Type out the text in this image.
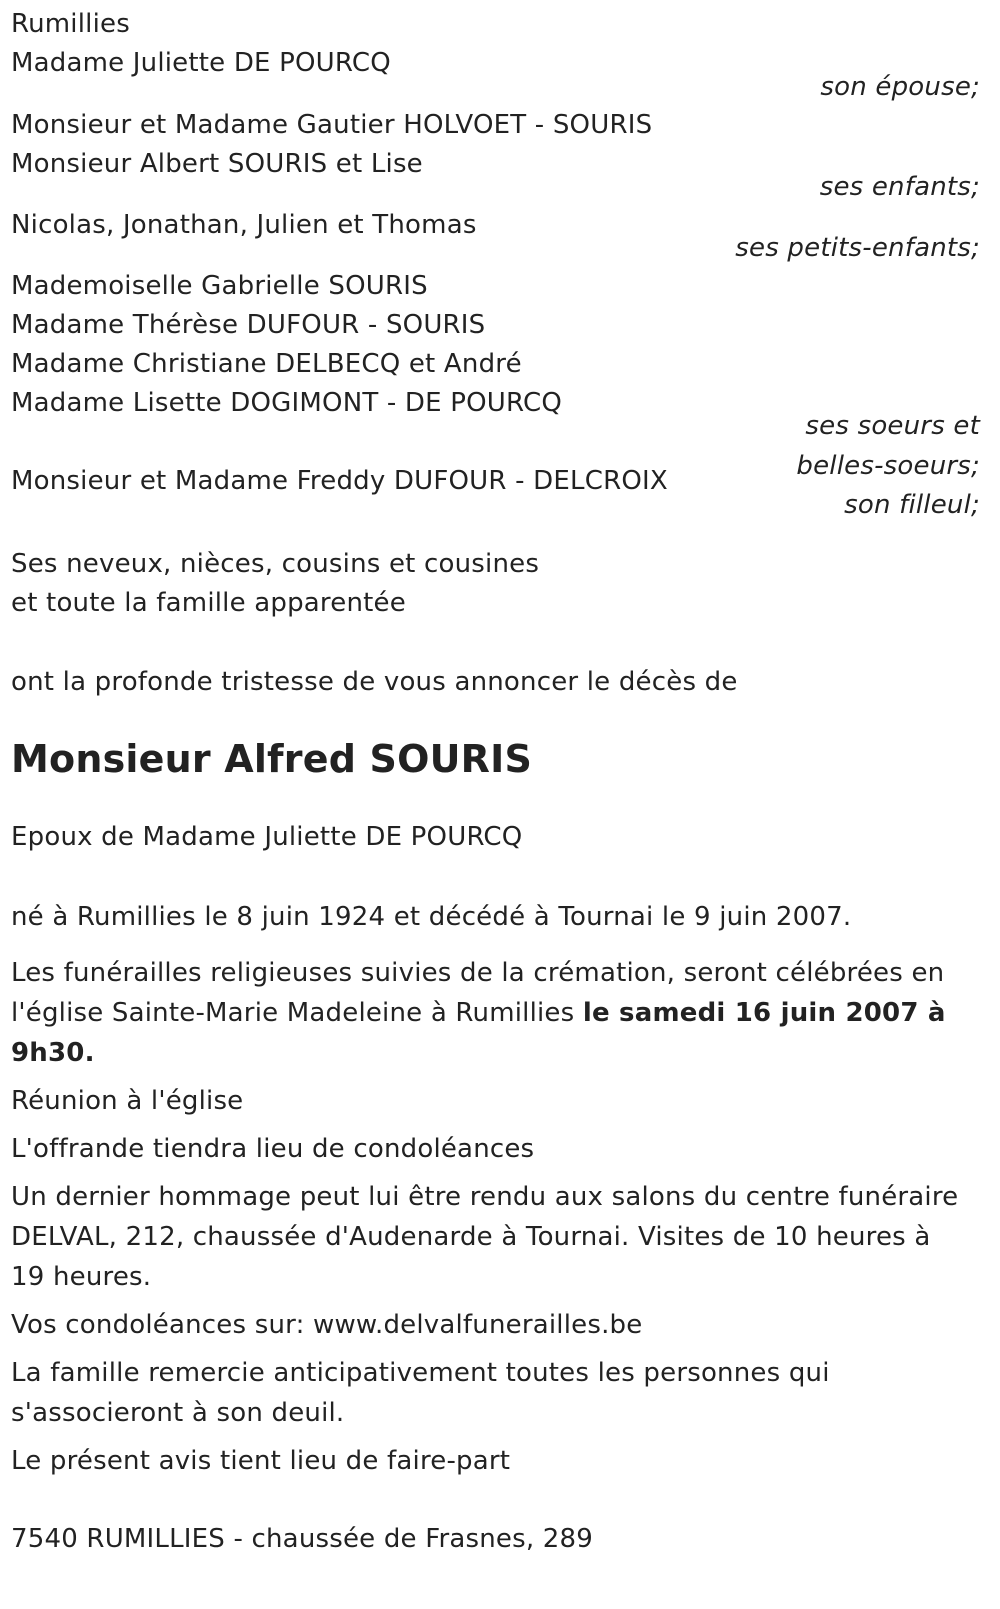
Rumillies
Madame Juliette DE POURCQ
son épouse;
Monsieur et Madame Gautier HOLVOET - SOURIS
Monsieur Albert SOURIS et Lise
ses enfants;
Nicolas, Jonathan, Julien et Thomas
ses petits-enfants;
Mademoiselle Gabrielle SOURIS
Madame Thérèse DUFOUR - SOURIS
Madame Christiane DELBECQ et André
Madame Lisette DOGIMONT - DE POURCQ
ses soeurs et belles-soeurs;
Monsieur et Madame Freddy DUFOUR - DELCROIX
son filleul;
Ses neveux, nièces, cousins et cousines
et toute la famille apparentée
ont la profonde tristesse de vous annoncer le décès de
Monsieur Alfred SOURIS
Epoux de Madame Juliette DE POURCQ
né à Rumillies le 8 juin 1924 et décédé à Tournai le 9 juin 2007.
Les funérailles religieuses suivies de la crémation, seront célébrées en l'église Sainte-Marie Madeleine à Rumillies le samedi 16 juin 2007 à 9h30.
Réunion à l'église
L'offrande tiendra lieu de condoléances
Un dernier hommage peut lui être rendu aux salons du centre funéraire DELVAL, 212, chaussée d'Audenarde à Tournai. Visites de 10 heures à 19 heures.
Vos condoléances sur: www.delvalfunerailles.be
La famille remercie anticipativement toutes les personnes qui s'associeront à son deuil.
Le présent avis tient lieu de faire-part
7540 RUMILLIES - chaussée de Frasnes, 289
